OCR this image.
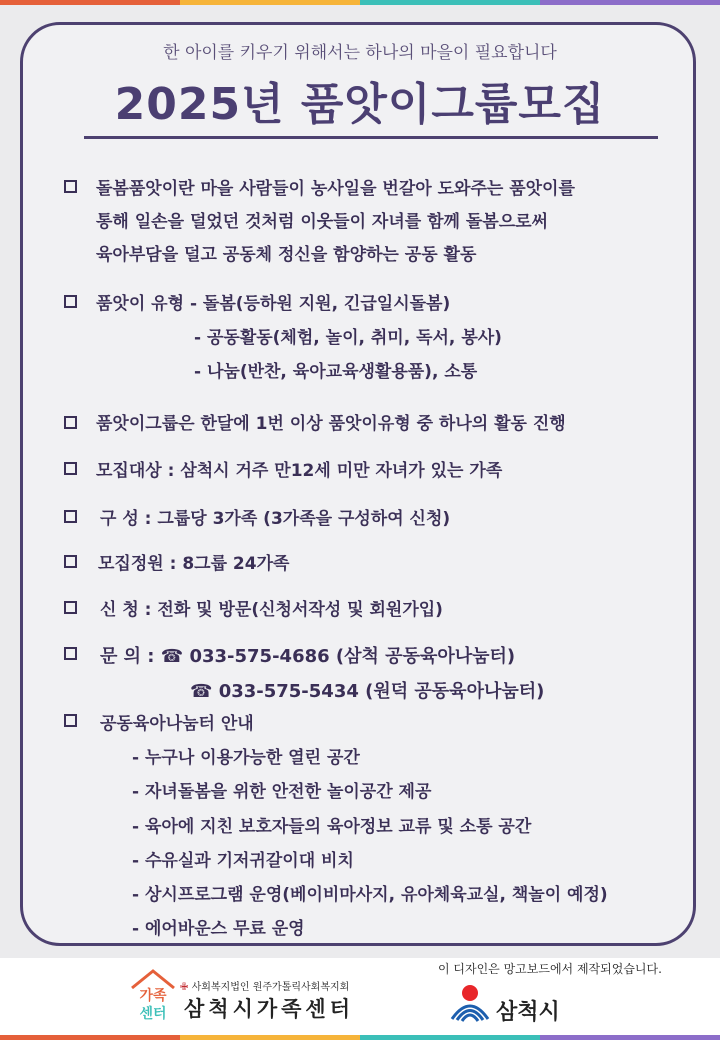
한 아이를 키우기 위해서는 하나의 마을이 필요합니다
2025년 품앗이그룹모집
돌봄품앗이란 마을 사람들이 농사일을 번갈아 도와주는 품앗이를
통해 일손을 덜었던 것처럼 이웃들이 자녀를 함께 돌봄으로써
육아부담을 덜고 공동체 정신을 함양하는 공동 활동
품앗이 유형 - 돌봄(등하원 지원, 긴급일시돌봄)
- 공동활동(체험, 놀이, 취미, 독서, 봉사)
- 나눔(반찬, 육아교육생활용품), 소통
품앗이그룹은 한달에 1번 이상 품앗이유형 중 하나의 활동 진행
모집대상 : 삼척시 거주 만12세 미만 자녀가 있는 가족
구 성 : 그룹당 3가족 (3가족을 구성하여 신청)
모집정원 : 8그룹 24가족
신 청 : 전화 및 방문(신청서작성 및 회원가입)
문 의 : ☎ 033-575-4686 (삼척 공동육아나눔터)
☎ 033-575-5434 (원덕 공동육아나눔터)
공동육아나눔터 안내
- 누구나 이용가능한 열린 공간
- 자녀돌봄을 위한 안전한 놀이공간 제공
- 육아에 지친 보호자들의 육아정보 교류 및 소통 공간
- 수유실과 기저귀갈이대 비치
- 상시프로그램 운영(베이비마사지, 유아체육교실, 책놀이 예정)
- 에어바운스 무료 운영
가족
센터
✙ 사회복지법인 원주가톨릭사회복지회
삼척시가족센터
이 디자인은 망고보드에서 제작되었습니다.
삼척시
